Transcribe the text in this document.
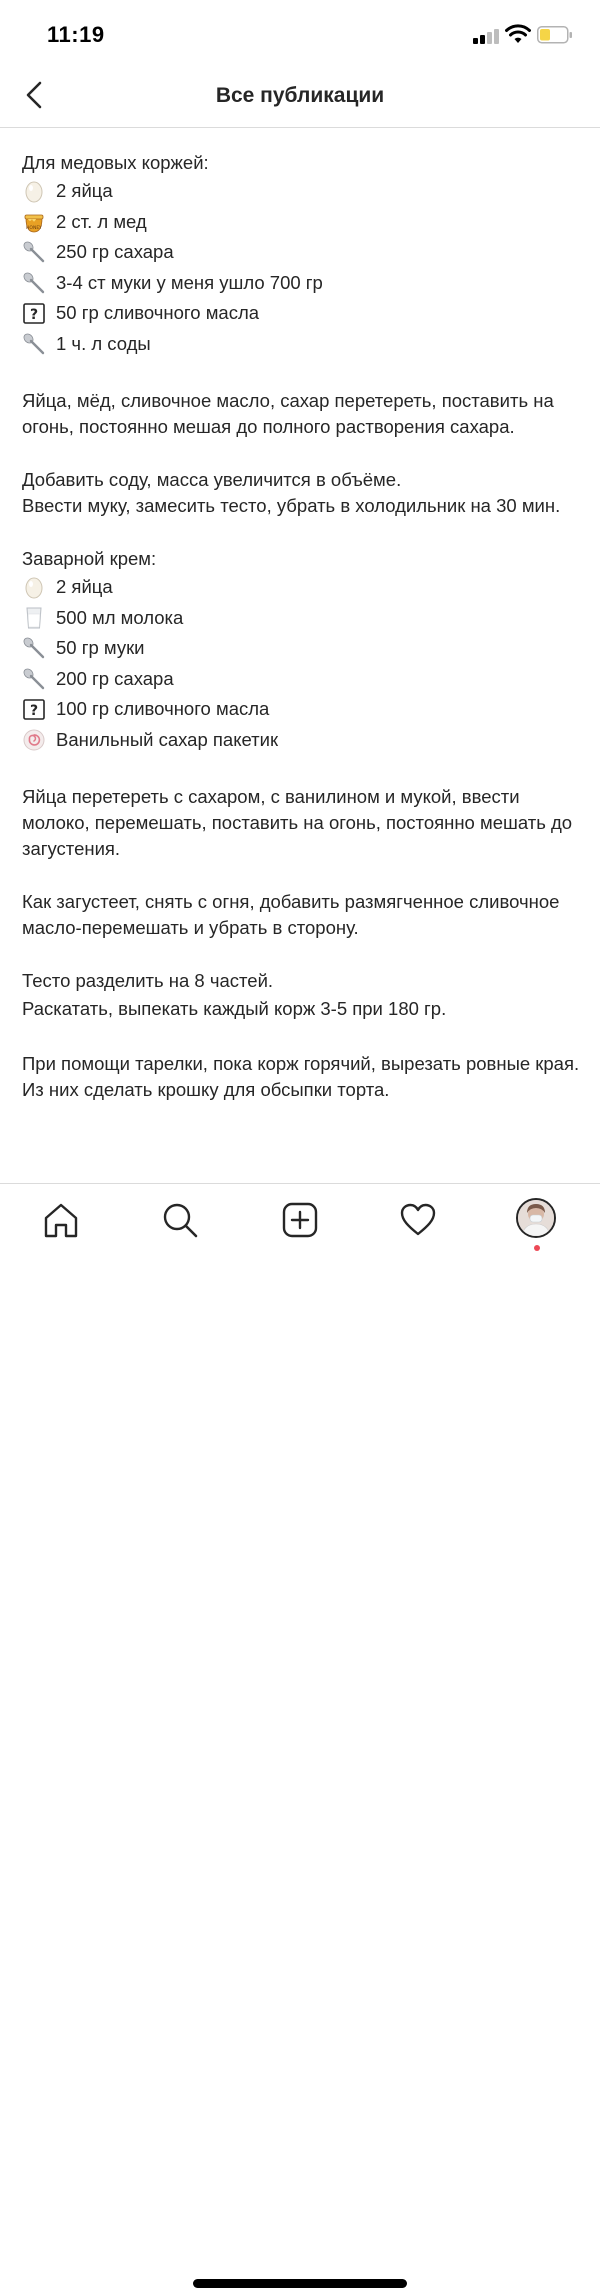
11:19
Все публикации
Для медовых коржей:
2 яйца
HONEY 2 ст. л мед
250 гр сахара
3-4 ст муки у меня ушло 700 гр
? 50 гр сливочного масла
1 ч. л соды
Яйца, мёд, сливочное масло, сахар перетереть, поставить на огонь, постоянно мешая до полного растворения сахара.
Добавить соду, масса увеличится в объёме.
Ввести муку, замесить тесто, убрать в холодильник на 30 мин.
Заварной крем:
2 яйца
500 мл молока
50 гр муки
200 гр сахара
? 100 гр сливочного масла
Ванильный сахар пакетик
Яйца перетереть с сахаром, с ванилином и мукой, ввести молоко, перемешать, поставить на огонь, постоянно мешать до загустения.
Как загустеет, снять с огня, добавить размягченное сливочное масло-перемешать и убрать в сторону.
Тесто разделить на 8 частей.
Раскатать, выпекать каждый корж 3-5 при 180 гр.
При помощи тарелки, пока корж горячий, вырезать ровные края.
Из них сделать крошку для обсыпки торта.
